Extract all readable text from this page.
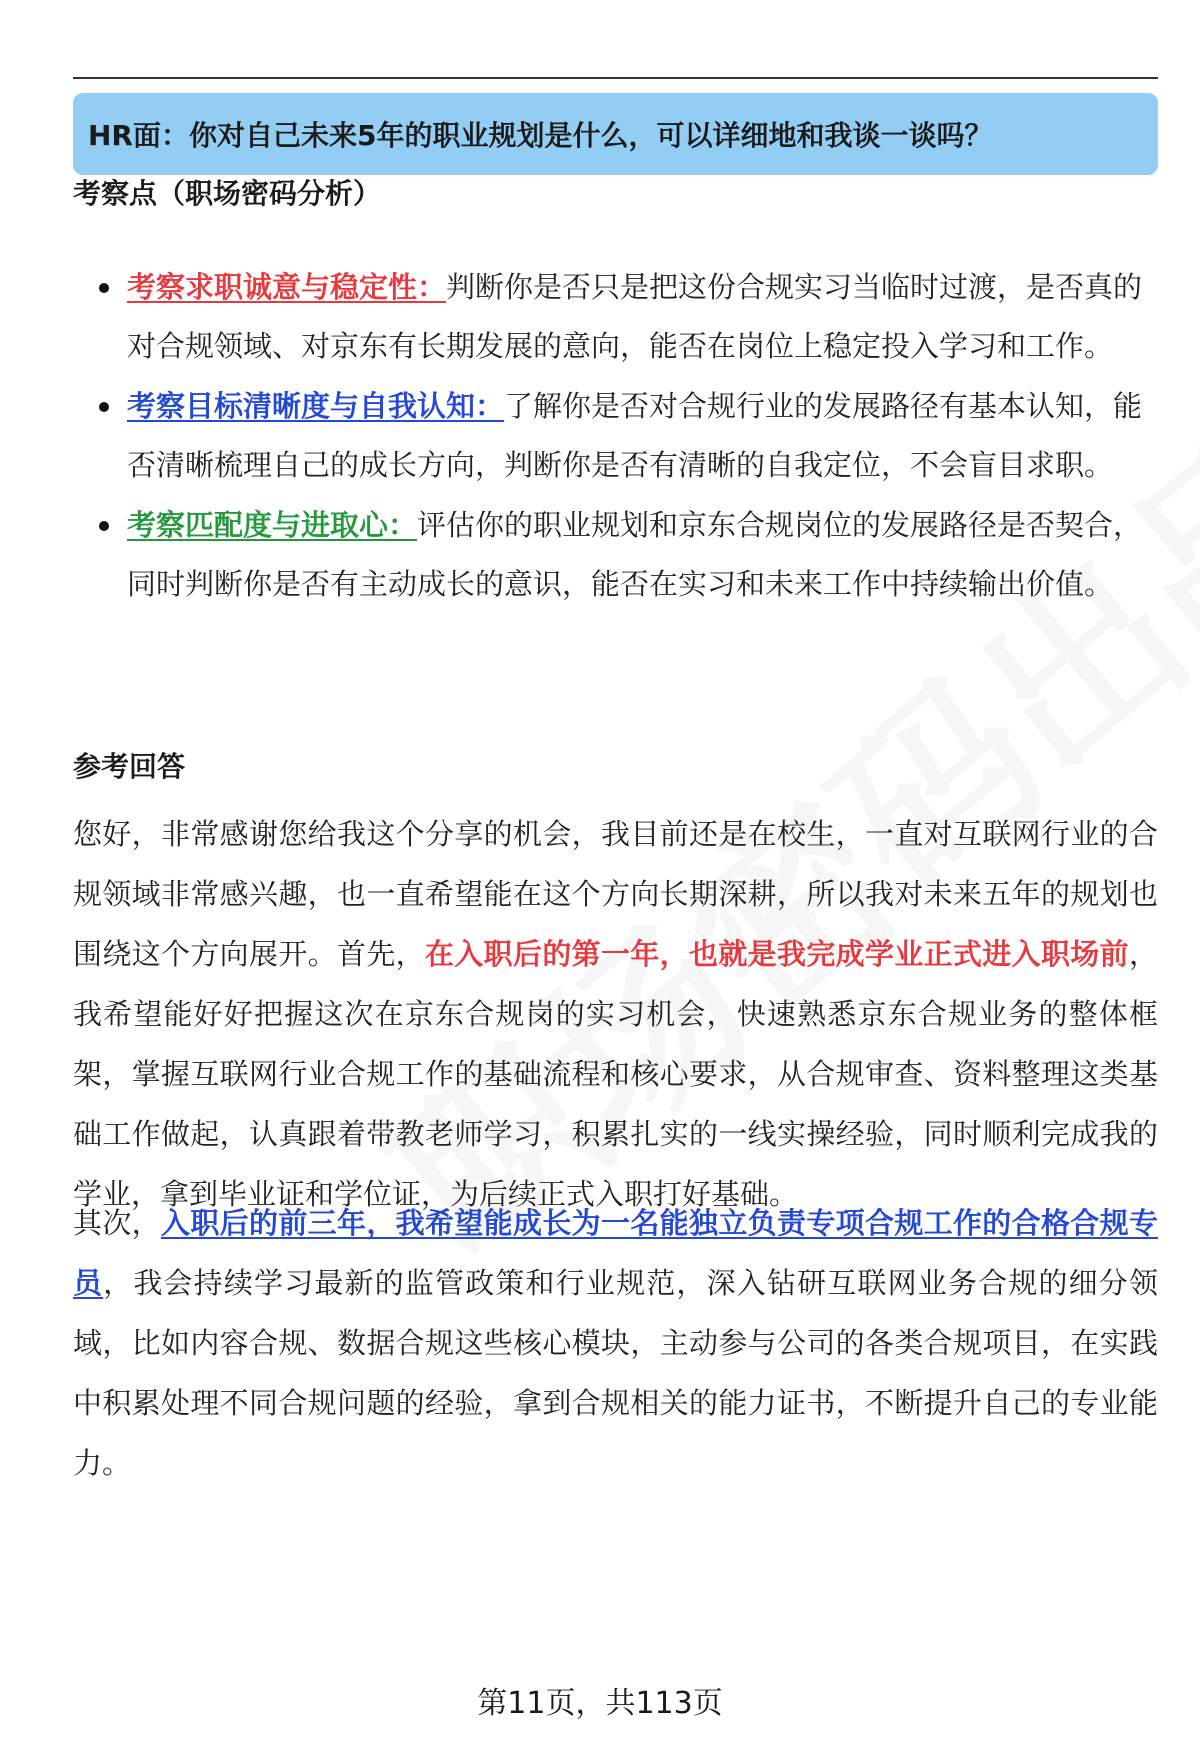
HR面：你对自己未来5年的职业规划是什么，可以详细地和我谈一谈吗？
考察点（职场密码分析）
考察求职诚意与稳定性：判断你是否只是把这份合规实习当临时过渡，是否真的对合规领域、对京东有长期发展的意向，能否在岗位上稳定投入学习和工作。
考察目标清晰度与自我认知：了解你是否对合规行业的发展路径有基本认知，能否清晰梳理自己的成长方向，判断你是否有清晰的自我定位，不会盲目求职。
考察匹配度与进取心：评估你的职业规划和京东合规岗位的发展路径是否契合，同时判断你是否有主动成长的意识，能否在实习和未来工作中持续输出价值。
参考回答

您好，非常感谢您给我这个分享的机会，我目前还是在校生，一直对互联网行业的合规领域非常感兴趣，也一直希望能在这个方向长期深耕，所以我对未来五年的规划也围绕这个方向展开。首先，在入职后的第一年，也就是我完成学业正式进入职场前，我希望能好好把握这次在京东合规岗的实习机会，快速熟悉京东合规业务的整体框架，掌握互联网行业合规工作的基础流程和核心要求，从合规审查、资料整理这类基础工作做起，认真跟着带教老师学习，积累扎实的一线实操经验，同时顺利完成我的学业，拿到毕业证和学位证，为后续正式入职打好基础。

其次，入职后的前三年，我希望能成长为一名能独立负责专项合规工作的合格合规专员，我会持续学习最新的监管政策和行业规范，深入钻研互联网业务合规的细分领域，比如内容合规、数据合规这些核心模块，主动参与公司的各类合规项目，在实践中积累处理不同合规问题的经验，拿到合规相关的能力证书，不断提升自己的专业能力。

第11页，共113页
